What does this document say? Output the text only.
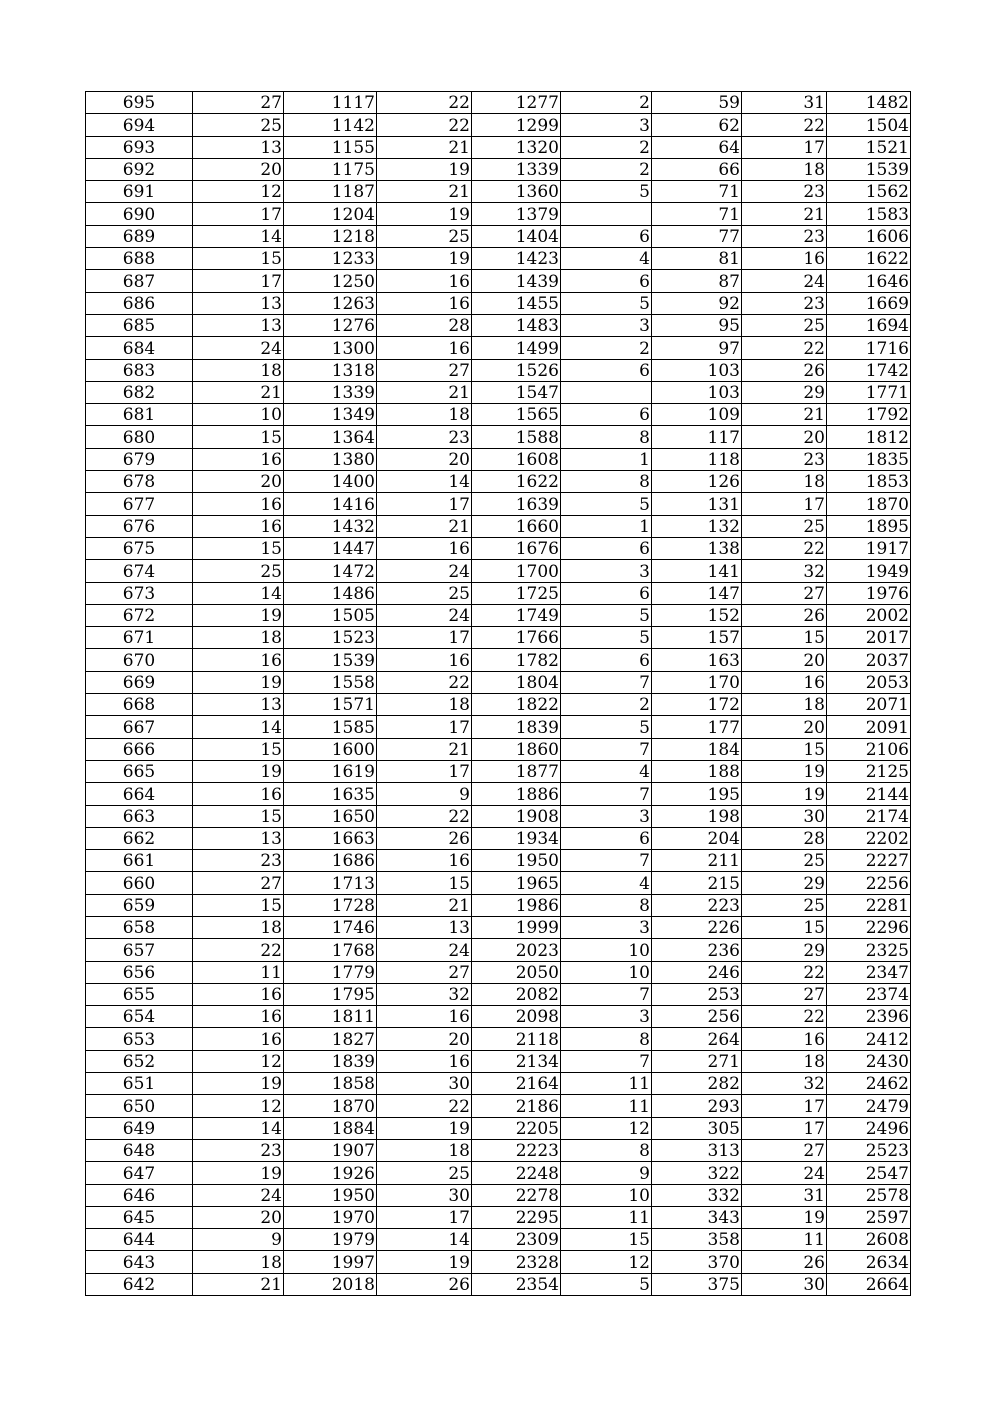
695	27	1117	22	1277	2	59	31	1482
694	25	1142	22	1299	3	62	22	1504
693	13	1155	21	1320	2	64	17	1521
692	20	1175	19	1339	2	66	18	1539
691	12	1187	21	1360	5	71	23	1562
690	17	1204	19	1379		71	21	1583
689	14	1218	25	1404	6	77	23	1606
688	15	1233	19	1423	4	81	16	1622
687	17	1250	16	1439	6	87	24	1646
686	13	1263	16	1455	5	92	23	1669
685	13	1276	28	1483	3	95	25	1694
684	24	1300	16	1499	2	97	22	1716
683	18	1318	27	1526	6	103	26	1742
682	21	1339	21	1547		103	29	1771
681	10	1349	18	1565	6	109	21	1792
680	15	1364	23	1588	8	117	20	1812
679	16	1380	20	1608	1	118	23	1835
678	20	1400	14	1622	8	126	18	1853
677	16	1416	17	1639	5	131	17	1870
676	16	1432	21	1660	1	132	25	1895
675	15	1447	16	1676	6	138	22	1917
674	25	1472	24	1700	3	141	32	1949
673	14	1486	25	1725	6	147	27	1976
672	19	1505	24	1749	5	152	26	2002
671	18	1523	17	1766	5	157	15	2017
670	16	1539	16	1782	6	163	20	2037
669	19	1558	22	1804	7	170	16	2053
668	13	1571	18	1822	2	172	18	2071
667	14	1585	17	1839	5	177	20	2091
666	15	1600	21	1860	7	184	15	2106
665	19	1619	17	1877	4	188	19	2125
664	16	1635	9	1886	7	195	19	2144
663	15	1650	22	1908	3	198	30	2174
662	13	1663	26	1934	6	204	28	2202
661	23	1686	16	1950	7	211	25	2227
660	27	1713	15	1965	4	215	29	2256
659	15	1728	21	1986	8	223	25	2281
658	18	1746	13	1999	3	226	15	2296
657	22	1768	24	2023	10	236	29	2325
656	11	1779	27	2050	10	246	22	2347
655	16	1795	32	2082	7	253	27	2374
654	16	1811	16	2098	3	256	22	2396
653	16	1827	20	2118	8	264	16	2412
652	12	1839	16	2134	7	271	18	2430
651	19	1858	30	2164	11	282	32	2462
650	12	1870	22	2186	11	293	17	2479
649	14	1884	19	2205	12	305	17	2496
648	23	1907	18	2223	8	313	27	2523
647	19	1926	25	2248	9	322	24	2547
646	24	1950	30	2278	10	332	31	2578
645	20	1970	17	2295	11	343	19	2597
644	9	1979	14	2309	15	358	11	2608
643	18	1997	19	2328	12	370	26	2634
642	21	2018	26	2354	5	375	30	2664
